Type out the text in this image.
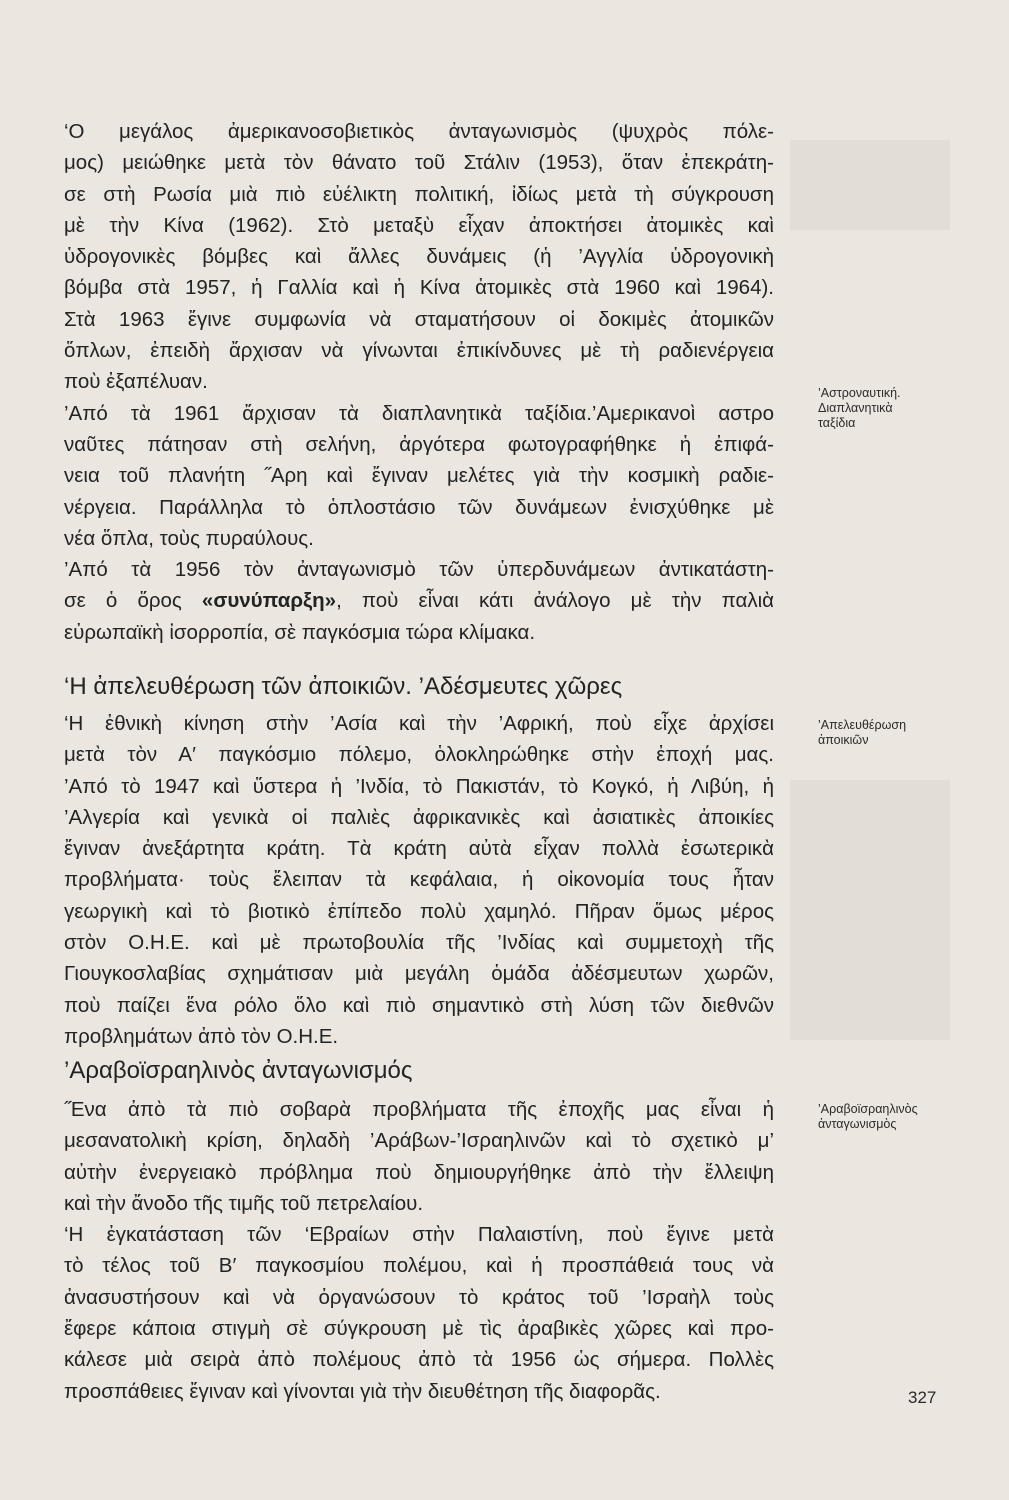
‘Ο μεγάλος ἀμερικανοσοβιετικὸς ἀνταγωνισμὸς (ψυχρὸς πόλε-
μος) μειώθηκε μετὰ τὸν θάνατο τοῦ Στάλιν (1953), ὅταν ἐπεκράτη-
σε στὴ Ρωσία μιὰ πιὸ εὐέλικτη πολιτική, ἰδίως μετὰ τὴ σύγκρουση
μὲ τὴν Κίνα (1962). Στὸ μεταξὺ εἶχαν ἀποκτήσει ἀτομικὲς καὶ
ὑδρογονικὲς βόμβες καὶ ἄλλες δυνάμεις (ἡ ’Αγγλία ὑδρογονικὴ
βόμβα στὰ 1957, ἡ Γαλλία καὶ ἡ Κίνα ἀτομικὲς στὰ 1960 καὶ 1964).
Στὰ 1963 ἔγινε συμφωνία νὰ σταματήσουν οἱ δοκιμὲς ἀτομικῶν
ὅπλων, ἐπειδὴ ἄρχισαν νὰ γίνωνται ἐπικίνδυνες μὲ τὴ ραδιενέργεια
ποὺ ἐξαπέλυαν.

’Από τὰ 1961 ἄρχισαν τὰ διαπλανητικὰ ταξίδια.’Αμερικανοὶ αστρο
ναῦτες πάτησαν στὴ σελήνη, ἀργότερα φωτογραφήθηκε ἡ ἐπιφά-
νεια τοῦ πλανήτη ˝Αρη καὶ ἔγιναν μελέτες γιὰ τὴν κοσμικὴ ραδιε-
νέργεια. Παράλληλα τὸ ὁπλοστάσιο τῶν δυνάμεων ἐνισχύθηκε μὲ
νέα ὅπλα, τοὺς πυραύλους.

’Από τὰ 1956 τὸν ἀνταγωνισμὸ τῶν ὑπερδυνάμεων ἀντικατάστη-
σε ὁ ὅρος «συνύπαρξη», ποὺ εἶναι κάτι ἀνάλογο μὲ τὴν παλιὰ
εὐρωπαϊκὴ ἰσορροπία, σὲ παγκόσμια τώρα κλίμακα.

‘Η ἀπελευθέρωση τῶν ἀποικιῶν. ’Αδέσμευτες χῶρες

‘Η ἐθνικὴ κίνηση στὴν ’Ασία καὶ τὴν ’Αφρική, ποὺ εἶχε ἀρχίσει
μετὰ τὸν Α′ παγκόσμιο πόλεμο, ὁλοκληρώθηκε στὴν ἐποχή μας.
’Από τὸ 1947 καὶ ὕστερα ἡ ’Ινδία, τὸ Πακιστάν, τὸ Κογκό, ἡ Λιβύη, ἡ
’Αλγερία καὶ γενικὰ οἱ παλιὲς ἀφρικανικὲς καὶ ἀσιατικὲς ἀποικίες
ἔγιναν ἀνεξάρτητα κράτη. Τὰ κράτη αὐτὰ εἶχαν πολλὰ ἐσωτερικὰ
προβλήματα· τοὺς ἔλειπαν τὰ κεφάλαια, ἡ οἰκονομία τους ἦταν
γεωργικὴ καὶ τὸ βιοτικὸ ἐπίπεδο πολὺ χαμηλό. Πῆραν ὅμως μέρος
στὸν Ο.Η.Ε. καὶ μὲ πρωτοβουλία τῆς ’Ινδίας καὶ συμμετοχὴ τῆς
Γιουγκοσλαβίας σχημάτισαν μιὰ μεγάλη ὁμάδα ἀδέσμευτων χωρῶν,
ποὺ παίζει ἕνα ρόλο ὅλο καὶ πιὸ σημαντικὸ στὴ λύση τῶν διεθνῶν
προβλημάτων ἀπὸ τὸν Ο.Η.Ε.

’Αραβοϊσραηλινὸς ἀνταγωνισμός

˝Ενα ἀπὸ τὰ πιὸ σοβαρὰ προβλήματα τῆς ἐποχῆς μας εἶναι ἡ
μεσανατολικὴ κρίση, δηλαδὴ ’Αράβων-’Ισραηλινῶν καὶ τὸ σχετικὸ μ’
αὐτὴν ἐνεργειακὸ πρόβλημα ποὺ δημιουργήθηκε ἀπὸ τὴν ἔλλειψη
καὶ τὴν ἄνοδο τῆς τιμῆς τοῦ πετρελαίου.

‘Η ἐγκατάσταση τῶν ‘Εβραίων στὴν Παλαιστίνη, ποὺ ἔγινε μετὰ
τὸ τέλος τοῦ Β′ παγκοσμίου πολέμου, καὶ ἡ προσπάθειά τους νὰ
ἀνασυστήσουν καὶ νὰ ὀργανώσουν τὸ κράτος τοῦ ’Ισραὴλ τοὺς
ἔφερε κάποια στιγμὴ σὲ σύγκρουση μὲ τὶς ἀραβικὲς χῶρες καὶ προ-
κάλεσε μιὰ σειρὰ ἀπὸ πολέμους ἀπὸ τὰ 1956 ὡς σήμερα. Πολλὲς
προσπάθειες ἔγιναν καὶ γίνονται γιὰ τὴν διευθέτηση τῆς διαφορᾶς.

’Αστροναυτική.
Διαπλανητικὰ
ταξίδια
’Απελευθέρωση
ἀποικιῶν
’Αραβοϊσραηλινὸς
ἀνταγωνισμὸς
327
